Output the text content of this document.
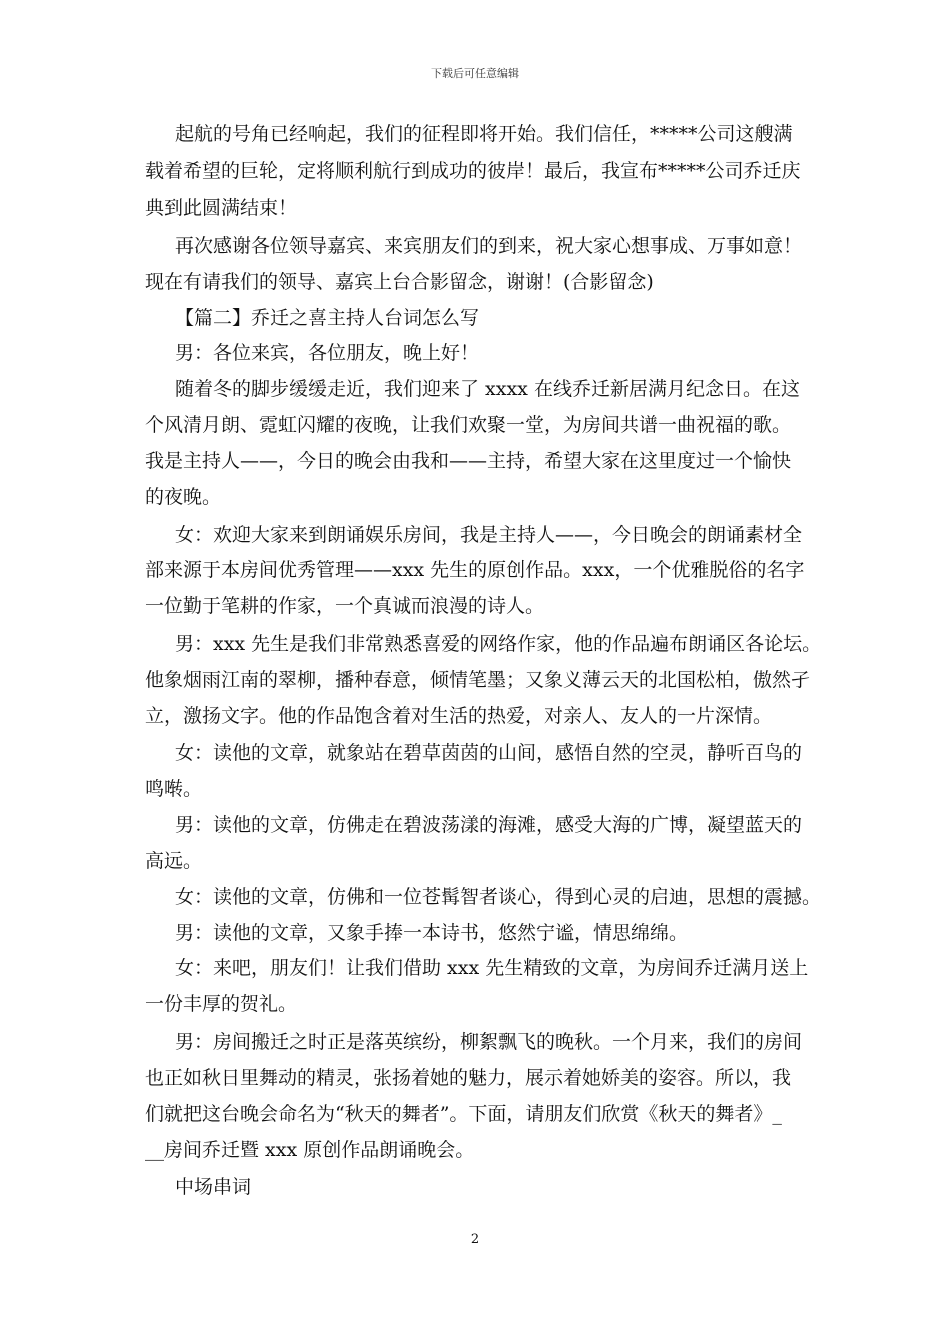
下载后可任意编辑
起航的号角已经响起，我们的征程即将开始。我们信任，*****公司这艘满
载着希望的巨轮，定将顺利航行到成功的彼岸！最后，我宣布*****公司乔迁庆
典到此圆满结束！
再次感谢各位领导嘉宾、来宾朋友们的到来，祝大家心想事成、万事如意！
现在有请我们的领导、嘉宾上台合影留念，谢谢！(合影留念)
【篇二】乔迁之喜主持人台词怎么写
男：各位来宾，各位朋友，晚上好！
随着冬的脚步缓缓走近，我们迎来了 xxxx 在线乔迁新居满月纪念日。在这
个风清月朗、霓虹闪耀的夜晚，让我们欢聚一堂，为房间共谱一曲祝福的歌。
我是主持人——，今日的晚会由我和——主持，希望大家在这里度过一个愉快
的夜晚。
女：欢迎大家来到朗诵娱乐房间，我是主持人——，今日晚会的朗诵素材全
部来源于本房间优秀管理——xxx 先生的原创作品。xxx，一个优雅脱俗的名字
一位勤于笔耕的作家，一个真诚而浪漫的诗人。
男：xxx 先生是我们非常熟悉喜爱的网络作家，他的作品遍布朗诵区各论坛。
他象烟雨江南的翠柳，播种春意，倾情笔墨；又象义薄云天的北国松柏，傲然孑
立，激扬文字。他的作品饱含着对生活的热爱，对亲人、友人的一片深情。
女：读他的文章，就象站在碧草茵茵的山间，感悟自然的空灵，静听百鸟的
鸣啭。
男：读他的文章，仿佛走在碧波荡漾的海滩，感受大海的广博，凝望蓝天的
高远。
女：读他的文章，仿佛和一位苍髯智者谈心，得到心灵的启迪，思想的震撼。
男：读他的文章，又象手捧一本诗书，悠然宁谧，情思绵绵。
女：来吧，朋友们！让我们借助 xxx 先生精致的文章，为房间乔迁满月送上
一份丰厚的贺礼。
男：房间搬迁之时正是落英缤纷，柳絮飘飞的晚秋。一个月来，我们的房间
也正如秋日里舞动的精灵，张扬着她的魅力，展示着她娇美的姿容。所以，我
们就把这台晚会命名为“秋天的舞者”。下面，请朋友们欣赏《秋天的舞者》_
__房间乔迁暨 xxx 原创作品朗诵晚会。
中场串词
2
